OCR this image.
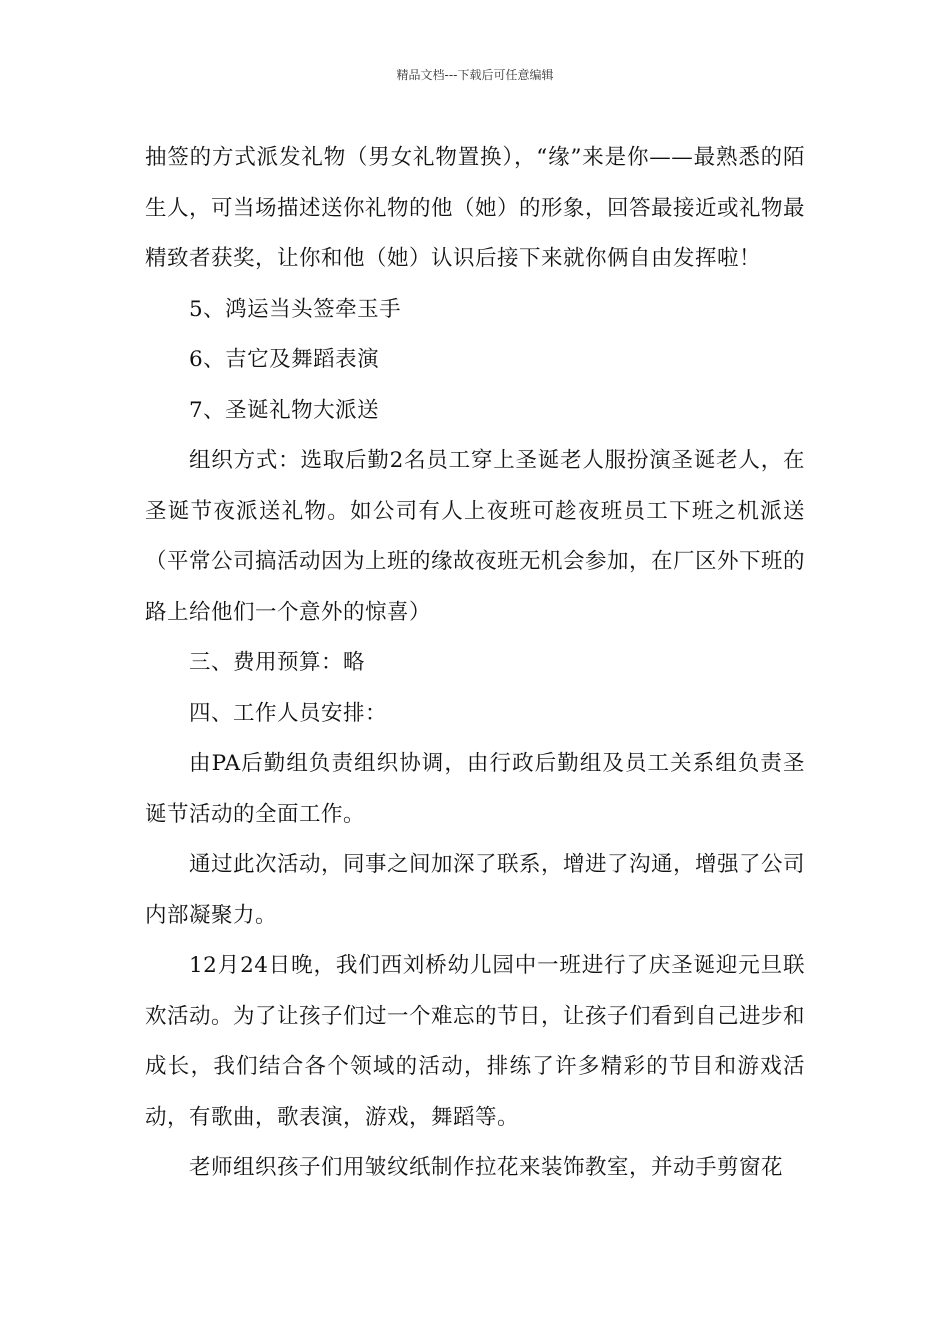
精品文档---下载后可任意编辑

抽签的方式派发礼物（男女礼物置换），“缘”来是你——最熟悉的陌生人，可当场描述送你礼物的他（她）的形象，回答最接近或礼物最精致者获奖，让你和他（她）认识后接下来就你俩自由发挥啦！

5、鸿运当头签牵玉手

6、吉它及舞蹈表演

7、圣诞礼物大派送

组织方式：选取后勤2名员工穿上圣诞老人服扮演圣诞老人，在圣诞节夜派送礼物。如公司有人上夜班可趁夜班员工下班之机派送（平常公司搞活动因为上班的缘故夜班无机会参加，在厂区外下班的路上给他们一个意外的惊喜）

三、费用预算：略

四、工作人员安排：

由PA后勤组负责组织协调，由行政后勤组及员工关系组负责圣诞节活动的全面工作。

通过此次活动，同事之间加深了联系，增进了沟通，增强了公司内部凝聚力。

12月24日晚，我们西刘桥幼儿园中一班进行了庆圣诞迎元旦联欢活动。为了让孩子们过一个难忘的节日，让孩子们看到自己进步和成长，我们结合各个领域的活动，排练了许多精彩的节目和游戏活动，有歌曲，歌表演，游戏，舞蹈等。

老师组织孩子们用皱纹纸制作拉花来装饰教室，并动手剪窗花
